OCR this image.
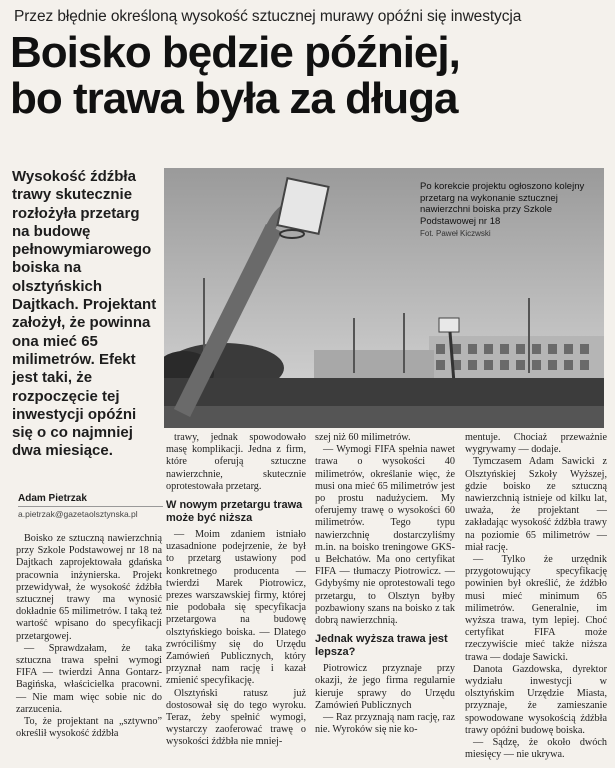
Przez błędnie określoną wysokość sztucznej murawy opóźni się inwestycja
Boisko będzie później,
bo trawa była za długa
Wysokość źdźbła trawy skutecznie rozłożyła przetarg na budowę pełnowymiarowego boiska na olsztyńskich Dajtkach. Projektant założył, że powinna ona mieć 65 milimetrów. Efekt jest taki, że rozpoczęcie tej inwestycji opóźni się o co najmniej dwa miesiące.
Po korekcie projektu ogłoszono kolejny przetarg na wykonanie sztucznej nawierzchni boiska przy Szkole Podstawowej nr 18
Fot. Paweł Kiczwski
Adam Pietrzak
a.pietrzak@gazetaolsztynska.pl

Boisko ze sztuczną nawierzchnią przy Szkole Podstawowej nr 18 na Dajtkach zaprojektowała gdańska pracownia inżynierska. Projekt przewidywał, że wysokość źdźbła sztucznej trawy ma wynosić dokładnie 65 milimetrów. I taką też wartość wpisano do specyfikacji przetargowej.

— Sprawdzałam, że taka sztuczna trawa spełni wymogi FIFA — twierdzi Anna Gontarz-Bagińska, właścicielka pracowni. — Nie mam więc sobie nic do zarzucenia.

To, że projektant na „sztywno” określił wysokość źdźbła

trawy, jednak spowodowało masę komplikacji. Jedna z firm, które oferują sztuczne nawierzchnie, skutecznie oprotestowała przetarg.

W nowym przetargu trawa może być niższa

— Moim zdaniem istniało uzasadnione podejrzenie, że był to przetarg ustawiony pod konkretnego producenta — twierdzi Marek Piotrowicz, prezes warszawskiej firmy, której nie podobała się specyfikacja przetargowa na budowę olsztyńskiego boiska. — Dlatego zwróciliśmy się do Urzędu Zamówień Publicznych, który przyznał nam rację i kazał zmienić specyfikację.

Olsztyński ratusz już dostosował się do tego wyroku. Teraz, żeby spełnić wymogi, wystarczy zaoferować trawę o wysokości źdźbła nie mniej-

szej niż 60 milimetrów.

— Wymogi FIFA spełnia nawet trawa o wysokości 40 milimetrów, określanie więc, że musi ona mieć 65 milimetrów jest po prostu nadużyciem. My oferujemy trawę o wysokości 60 milimetrów. Tego typu nawierzchnię dostarczyliśmy m.in. na boisko treningowe GKS-u Bełchatów. Ma ono certyfikat FIFA — tłumaczy Piotrowicz. — Gdybyśmy nie oprotestowali tego przetargu, to Olsztyn byłby pozbawiony szans na boisko z tak dobrą nawierzchnią.

Jednak wyższa trawa jest lepsza?

Piotrowicz przyznaje przy okazji, że jego firma regularnie kieruje sprawy do Urzędu Zamówień Publicznych

— Raz przyznają nam rację, raz nie. Wyroków się nie ko-

mentuje. Chociaż przeważnie wygrywamy — dodaje.

Tymczasem Adam Sawicki z Olsztyńskiej Szkoły Wyższej, gdzie boisko ze sztuczną nawierzchnią istnieje od kilku lat, uważa, że projektant — zakładając wysokość źdźbła trawy na poziomie 65 milimetrów — miał rację.

— Tylko że urzędnik przygotowujący specyfikację powinien był określić, że źdźbło musi mieć minimum 65 milimetrów. Generalnie, im wyższa trawa, tym lepiej. Choć certyfikat FIFA może rzeczywiście mieć także niższa trawa — dodaje Sawicki.

Danota Gazdowska, dyrektor wydziału inwestycji w olsztyńskim Urzędzie Miasta, przyznaje, że zamieszanie spowodowane wysokością źdźbła trawy opóźni budowę boiska.

— Sądzę, że około dwóch miesięcy — nie ukrywa.
